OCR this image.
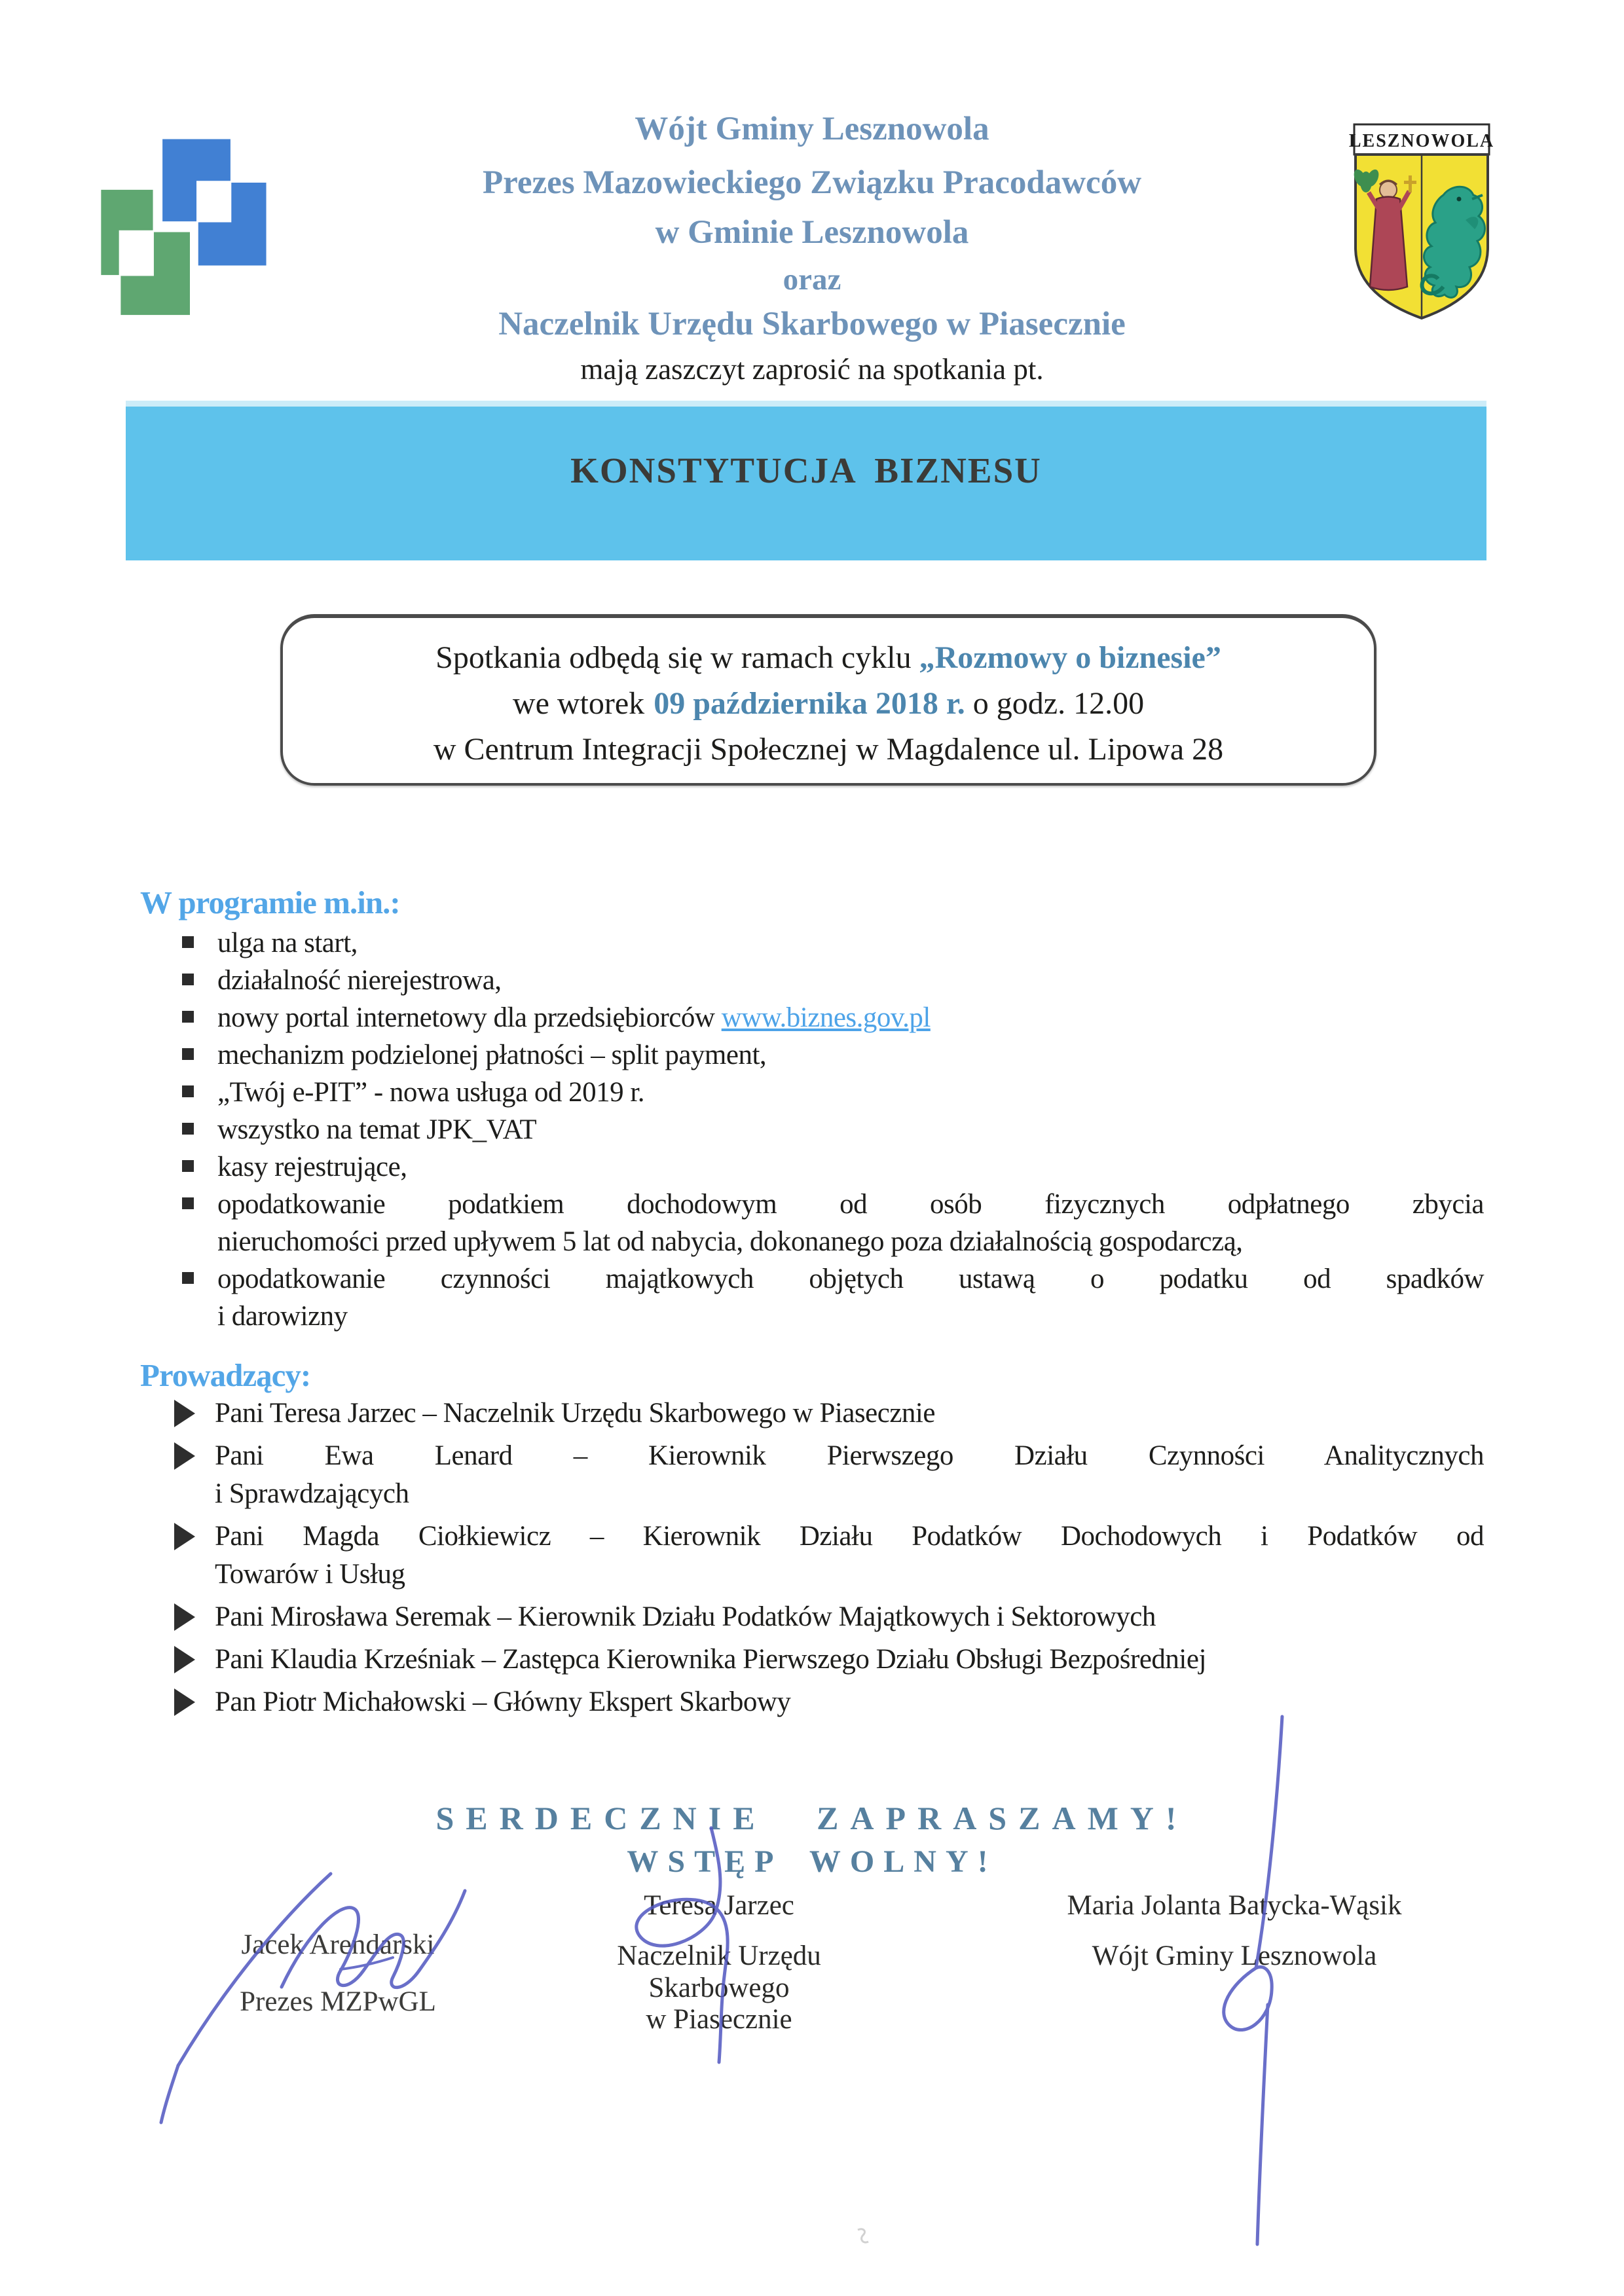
LESZNOWOLA
Wójt Gminy Lesznowola
Prezes Mazowieckiego Związku Pracodawców
w Gminie Lesznowola
oraz
Naczelnik Urzędu Skarbowego w Piasecznie
mają zaszczyt zaprosić na spotkania pt.
KONSTYTUCJA BIZNESU
Spotkania odbędą się w ramach cyklu „Rozmowy o biznesie”
we wtorek 09 października 2018 r. o godz. 12.00
w Centrum Integracji Społecznej w Magdalence ul. Lipowa 28
W programie m.in.:
ulga na start,
działalność nierejestrowa,
nowy portal internetowy dla przedsiębiorców www.biznes.gov.pl
mechanizm podzielonej płatności – split payment,
„Twój e-PIT” - nowa usługa od 2019 r.
wszystko na temat JPK_VAT
kasy rejestrujące,
opodatkowanie podatkiem dochodowym od osób fizycznych odpłatnego zbycia
nieruchomości przed upływem 5 lat od nabycia, dokonanego poza działalnością gospodarczą,
opodatkowanie czynności majątkowych objętych ustawą o podatku od spadków
i darowizny
Prowadzący:
Pani Teresa Jarzec – Naczelnik Urzędu Skarbowego w Piasecznie
Pani Ewa Lenard – Kierownik Pierwszego Działu Czynności Analitycznych
i Sprawdzających
Pani Magda Ciołkiewicz – Kierownik Działu Podatków Dochodowych i Podatków od
Towarów i Usług
Pani Mirosława Seremak – Kierownik Działu Podatków Majątkowych i Sektorowych
Pani Klaudia Krześniak – Zastępca Kierownika Pierwszego Działu Obsługi Bezpośredniej
Pan Piotr Michałowski – Główny Ekspert Skarbowy
SERDECZNIE ZAPRASZAMY!
WSTĘP WOLNY!
Jacek Arendarski
Prezes MZPwGL
Teresa Jarzec
Naczelnik Urzędu Skarbowego
w Piasecznie
Maria Jolanta Batycka-Wąsik
Wójt Gminy Lesznowola
